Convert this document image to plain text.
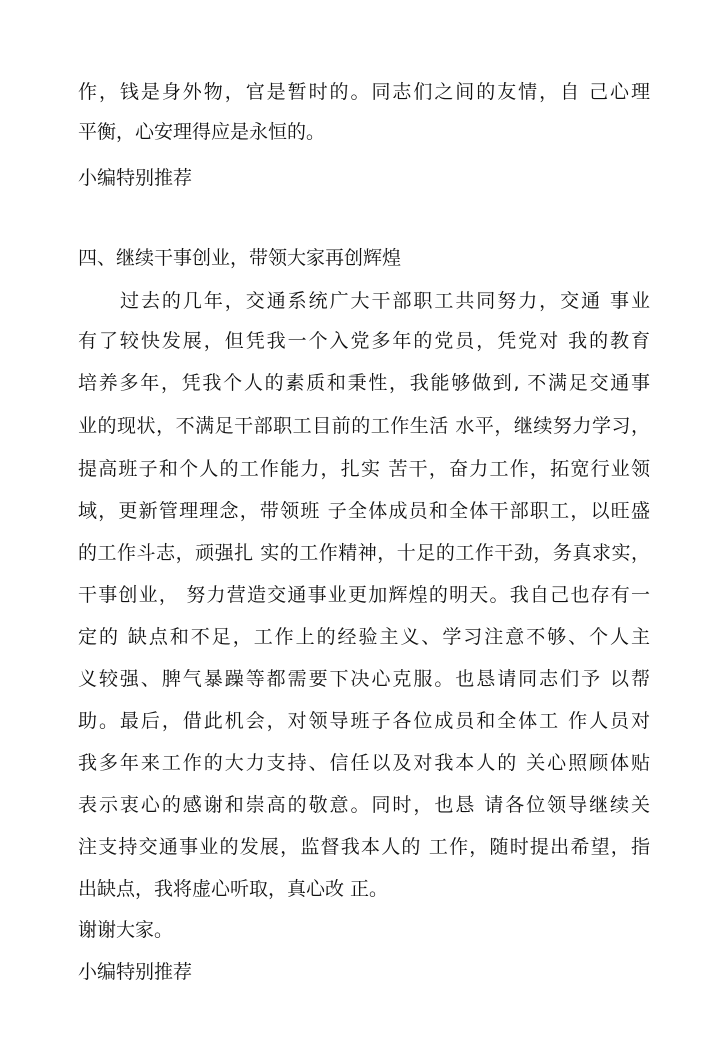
作，钱是身外物，官是暂时的。同志们之间的友情，自 己心理
平衡，心安理得应是永恒的。
小编特别推荐
四、继续干事创业，带领大家再创辉煌
过去的几年，交通系统广大干部职工共同努力，交通 事业
有了较快发展，但凭我一个入党多年的党员，凭党对 我的教育
培养多年，凭我个人的素质和秉性，我能够做到, 不满足交通事
业的现状，不满足干部职工目前的工作生活 水平，继续努力学习，
提高班子和个人的工作能力，扎实 苦干，奋力工作，拓宽行业领
域，更新管理理念，带领班 子全体成员和全体干部职工，以旺盛
的工作斗志，顽强扎 实的工作精神，十足的工作干劲，务真求实，
干事创业， 努力营造交通事业更加辉煌的明天。我自己也存有一
定的 缺点和不足，工作上的经验主义、学习注意不够、个人主
义较强、脾气暴躁等都需要下决心克服。也恳请同志们予 以帮
助。最后，借此机会，对领导班子各位成员和全体工 作人员对
我多年来工作的大力支持、信任以及对我本人的 关心照顾体贴
表示衷心的感谢和崇高的敬意。同时，也恳 请各位领导继续关
注支持交通事业的发展，监督我本人的 工作，随时提出希望，指
出缺点，我将虚心听取，真心改 正。
谢谢大家。
小编特别推荐
